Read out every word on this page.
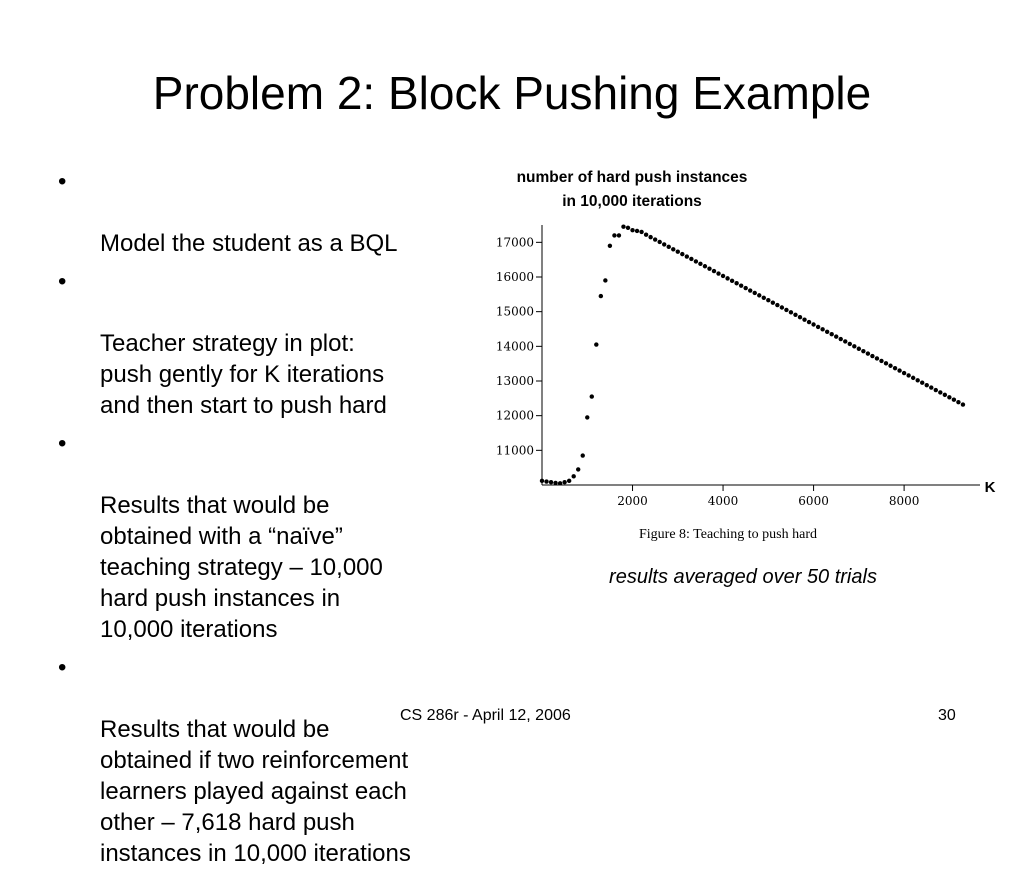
Problem 2: Block Pushing Example

•

Model the student as a BQL

•

Teacher strategy in plot:
push gently for K iterations
and then start to push hard

•

Results that would be
obtained with a “naïve”
teaching strategy – 10,000
hard push instances in
10,000 iterations

•

Results that would be
obtained if two reinforcement
learners played against each
other – 7,618 hard push
instances in 10,000 iterations

number of hard push instances
in 10,000 iterations
11000
12000
13000
14000
15000
16000
17000
2000	4000	6000	8000
K
Figure 8: Teaching to push hard
results averaged over 50 trials
CS 286r - April 12, 2006	30
